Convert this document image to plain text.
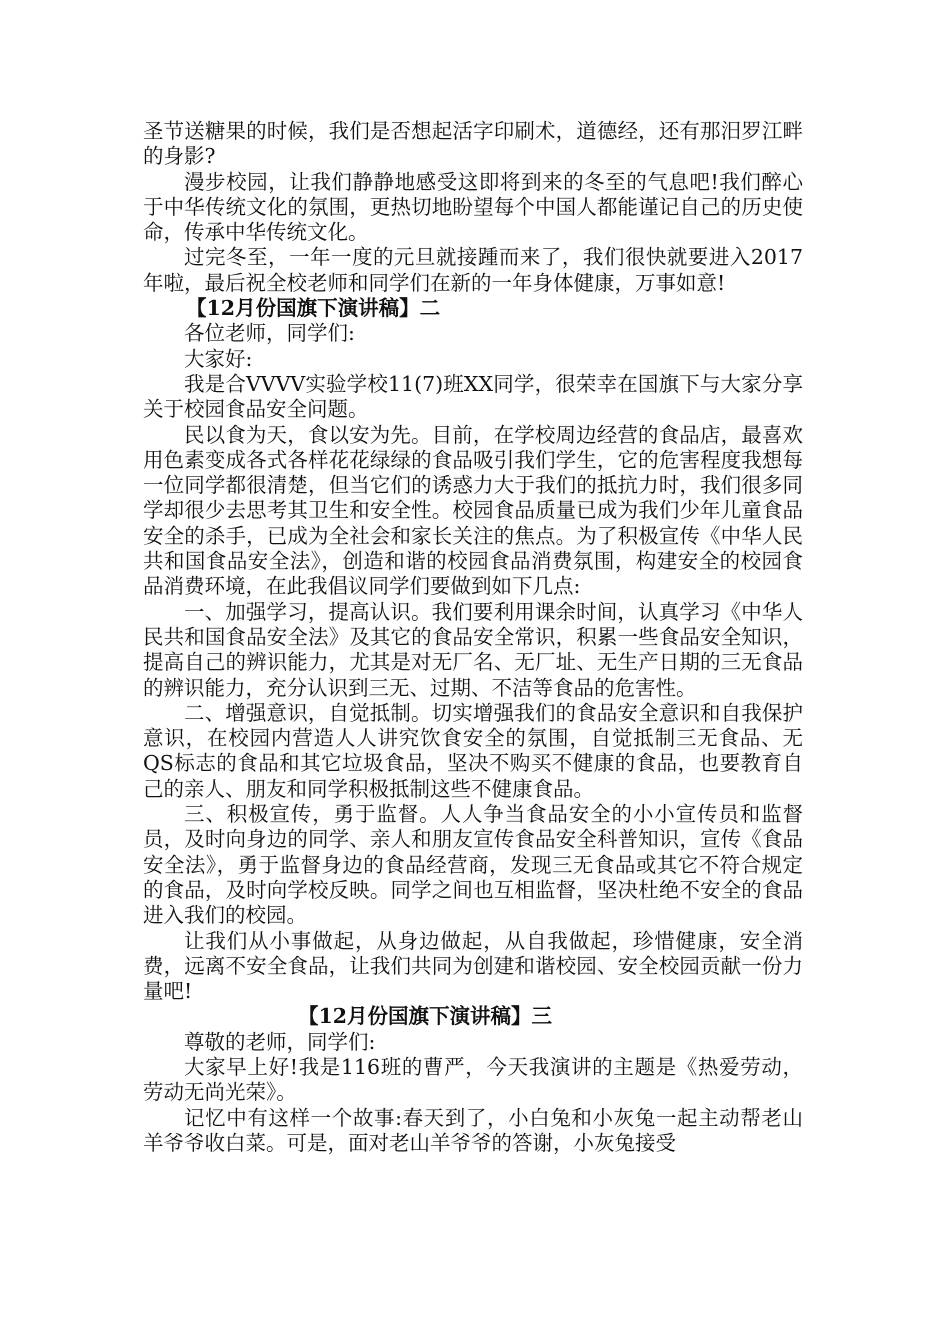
圣节送糖果的时候，我们是否想起活字印刷术，道德经，还有那汨罗江畔的身影?

漫步校园，让我们静静地感受这即将到来的冬至的气息吧!我们醉心于中华传统文化的氛围，更热切地盼望每个中国人都能谨记自己的历史使命，传承中华传统文化。

过完冬至，一年一度的元旦就接踵而来了，我们很快就要进入2017年啦，最后祝全校老师和同学们在新的一年身体健康，万事如意!

【12月份国旗下演讲稿】二

各位老师，同学们:

大家好:

我是合VVVV实验学校11(7)班XX同学，很荣幸在国旗下与大家分享关于校园食品安全问题。

民以食为天，食以安为先。目前，在学校周边经营的食品店，最喜欢用色素变成各式各样花花绿绿的食品吸引我们学生，它的危害程度我想每一位同学都很清楚，但当它们的诱惑力大于我们的抵抗力时，我们很多同学却很少去思考其卫生和安全性。校园食品质量已成为我们少年儿童食品安全的杀手，已成为全社会和家长关注的焦点。为了积极宣传《中华人民共和国食品安全法》，创造和谐的校园食品消费氛围，构建安全的校园食品消费环境，在此我倡议同学们要做到如下几点:

一、加强学习，提高认识。我们要利用课余时间，认真学习《中华人民共和国食品安全法》及其它的食品安全常识，积累一些食品安全知识，提高自己的辨识能力，尤其是对无厂名、无厂址、无生产日期的三无食品的辨识能力，充分认识到三无、过期、不洁等食品的危害性。

二、增强意识，自觉抵制。切实增强我们的食品安全意识和自我保护意识，在校园内营造人人讲究饮食安全的氛围，自觉抵制三无食品、无QS标志的食品和其它垃圾食品，坚决不购买不健康的食品，也要教育自己的亲人、朋友和同学积极抵制这些不健康食品。

三、积极宣传，勇于监督。人人争当食品安全的小小宣传员和监督员，及时向身边的同学、亲人和朋友宣传食品安全科普知识，宣传《食品安全法》，勇于监督身边的食品经营商，发现三无食品或其它不符合规定的食品，及时向学校反映。同学之间也互相监督，坚决杜绝不安全的食品进入我们的校园。

让我们从小事做起，从身边做起，从自我做起，珍惜健康，安全消费，远离不安全食品，让我们共同为创建和谐校园、安全校园贡献一份力量吧!

【12月份国旗下演讲稿】三

尊敬的老师，同学们:

大家早上好!我是116班的曹严，今天我演讲的主题是《热爱劳动，劳动无尚光荣》。

记忆中有这样一个故事:春天到了，小白兔和小灰兔一起主动帮老山羊爷爷收白菜。可是，面对老山羊爷爷的答谢，小灰兔接受
